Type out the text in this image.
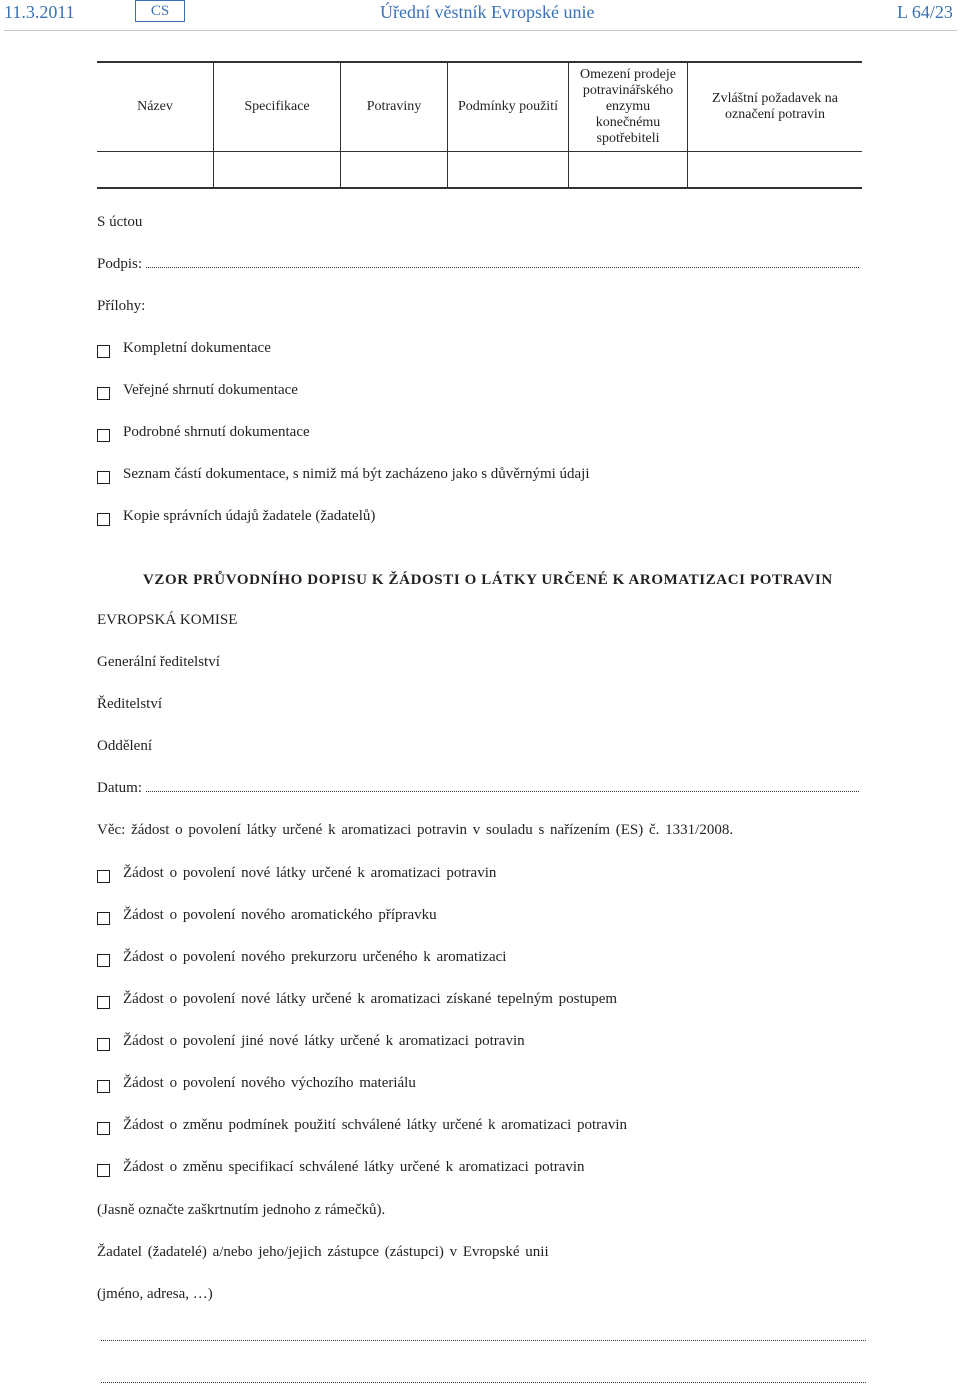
11.3.2011	CS	Úřední věstník Evropské unie	L 64/23
Název	Specifikace	Potraviny	Podmínky použití	Omezení prodeje potravinářského enzymu konečnému spotřebiteli	Zvláštní požadavek na označení potravin

S úctou
Podpis:
Přílohy:
Kompletní dokumentace
Veřejné shrnutí dokumentace
Podrobné shrnutí dokumentace
Seznam částí dokumentace, s nimiž má být zacházeno jako s důvěrnými údaji
Kopie správních údajů žadatele (žadatelů)
VZOR PRŮVODNÍHO DOPISU K ŽÁDOSTI O LÁTKY URČENÉ K AROMATIZACI POTRAVIN
EVROPSKÁ KOMISE
Generální ředitelství
Ředitelství
Oddělení
Datum:
Věc: žádost o povolení látky určené k aromatizaci potravin v souladu s nařízením (ES) č. 1331/2008.
Žádost o povolení nové látky určené k aromatizaci potravin
Žádost o povolení nového aromatického přípravku
Žádost o povolení nového prekurzoru určeného k aromatizaci
Žádost o povolení nové látky určené k aromatizaci získané tepelným postupem
Žádost o povolení jiné nové látky určené k aromatizaci potravin
Žádost o povolení nového výchozího materiálu
Žádost o změnu podmínek použití schválené látky určené k aromatizaci potravin
Žádost o změnu specifikací schválené látky určené k aromatizaci potravin
(Jasně označte zaškrtnutím jednoho z rámečků).
Žadatel (žadatelé) a/nebo jeho/jejich zástupce (zástupci) v Evropské unii
(jméno, adresa, …)
